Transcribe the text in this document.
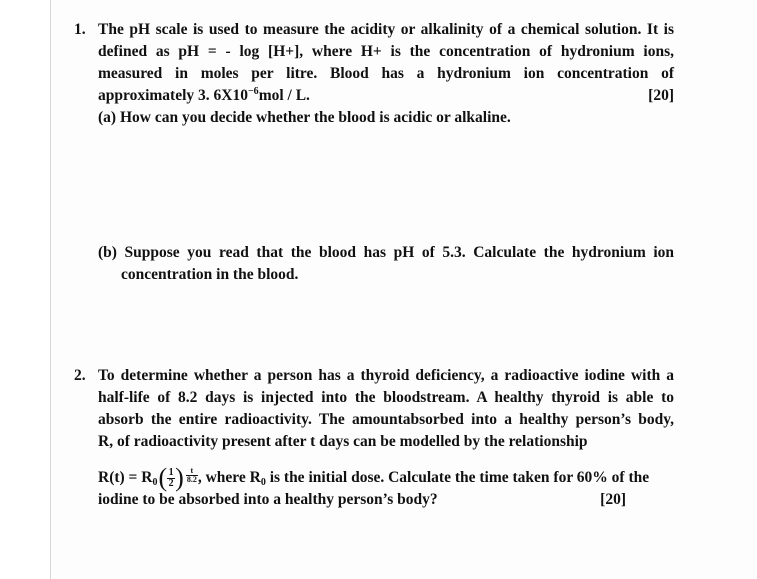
1. The pH scale is used to measure the acidity or alkalinity of a chemical solution. It is
defined as pH = - log [H+], where H+ is the concentration of hydronium ions,
measured in moles per litre. Blood has a hydronium ion concentration of
approximately 3. $6X10^{-6}mol$ / L.	[20]
(a) How can you decide whether the blood is acidic or alkaline.
(b) Suppose you read that the blood has pH of 5.3. Calculate the hydronium ion
concentration in the blood.
2. To determine whether a person has a thyroid deficiency, a radioactive iodine with a
half-life of 8.2 days is injected into the bloodstream. A healthy thyroid is able to
absorb the entire radioactivity. The amountabsorbed into a healthy person’s body,
R, of radioactivity present after t days can be modelled by the relationship
$R(t) = R_0$ ( 1
2 ) $\frac{t}{8.2}$ , where $R_0$ is the initial dose. Calculate the time taken for 60% of the
iodine to be absorbed into a healthy person’s body?	[20]
